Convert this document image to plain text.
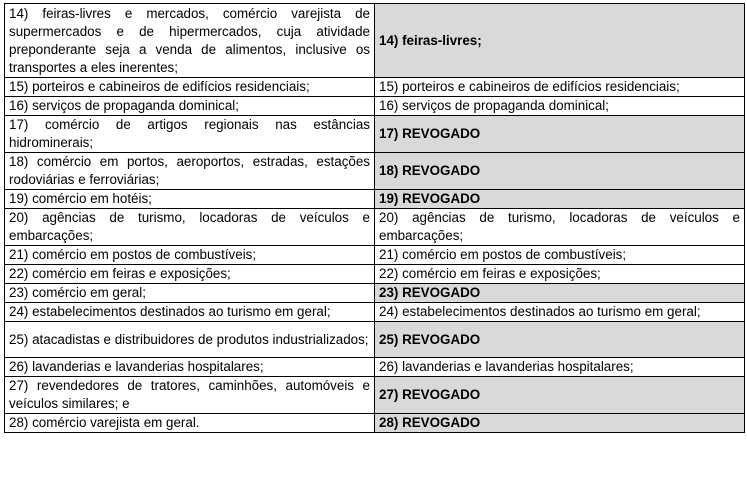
14) feiras-livres e mercados, comércio varejista de supermercados e de hipermercados, cuja atividade preponderante seja a venda de alimentos, inclusive os transportes a eles inerentes;	14) feiras-livres;
15) porteiros e cabineiros de edifícios residenciais;	15) porteiros e cabineiros de edifícios residenciais;
16) serviços de propaganda dominical;	16) serviços de propaganda dominical;
17) comércio de artigos regionais nas estâncias hidrominerais;	17) REVOGADO
18) comércio em portos, aeroportos, estradas, estações rodoviárias e ferroviárias;	18) REVOGADO
19) comércio em hotéis;	19) REVOGADO
20) agências de turismo, locadoras de veículos e embarcações;	20) agências de turismo, locadoras de veículos e embarcações;
21) comércio em postos de combustíveis;	21) comércio em postos de combustíveis;
22) comércio em feiras e exposições;	22) comércio em feiras e exposições;
23) comércio em geral;	23) REVOGADO
24) estabelecimentos destinados ao turismo em geral;	24) estabelecimentos destinados ao turismo em geral;
25) atacadistas e distribuidores de produtos industrializados;	25) REVOGADO
26) lavanderias e lavanderias hospitalares;	26) lavanderias e lavanderias hospitalares;
27) revendedores de tratores, caminhões, automóveis e veículos similares; e	27) REVOGADO
28) comércio varejista em geral.	28) REVOGADO
